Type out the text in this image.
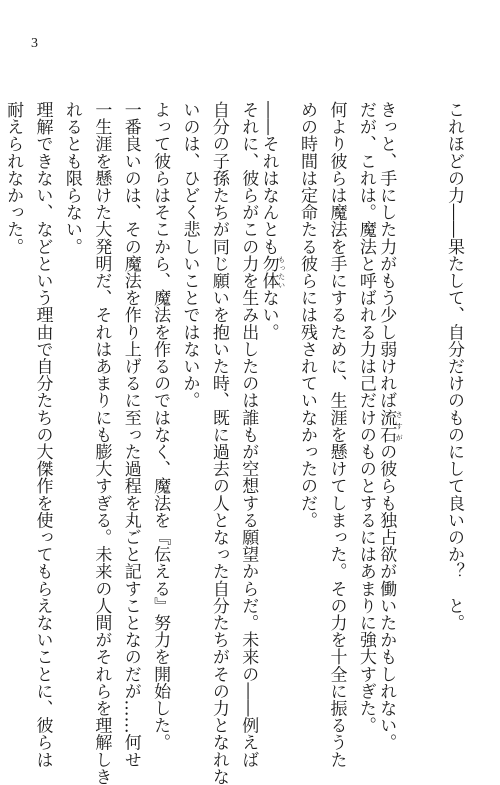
3
これほどの力――果たして、自分だけのものにして良いのか？　と。
きっと、手にした力がもう少し弱ければ流石 さすがの彼らも独占欲が働いたかもしれない。
だが、これは。魔法と呼ばれる力は己だけのものとするにはあまりに強大すぎた。
何より彼らは魔法を手にするために、生涯を懸けてしまった。その力を十全に振るうた
めの時間は定命たる彼らには残されていなかったのだ。
――それはなんとも勿体 もったいない。
それに、彼らがこの力を生み出したのは誰もが空想する願望からだ。未来の――例えば
自分の子孫たちが同じ願いを抱いた時、既に過去の人となった自分たちがその力となれな
いのは、ひどく悲しいことではないか。
よって彼らはそこから、魔法を作るのではなく、魔法を『伝える』努力を開始した。
一番良いのは、その魔法を作り上げるに至った過程を丸ごと記すことなのだが……何せ
一生涯を懸けた大発明だ、それはあまりにも膨大すぎる。未来の人間がそれらを理解しき
れるとも限らない。
理解できない、などという理由で自分たちの大傑作を使ってもらえないことに、彼らは
耐えられなかった。
